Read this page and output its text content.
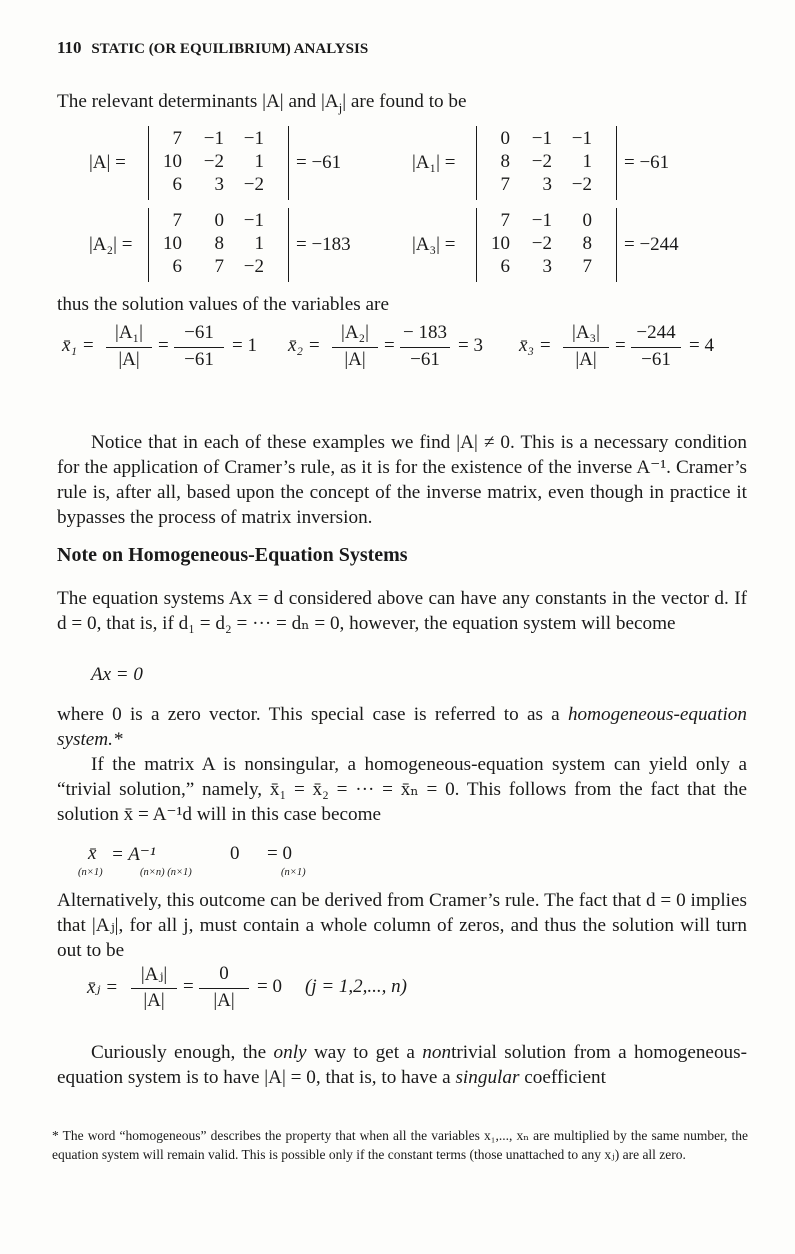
110 STATIC (OR EQUILIBRIUM) ANALYSIS
The relevant determinants |A| and $|A_j|$ are found to be
|A| =
7	−1	−1
10	−2	1
6	3	−2
= −61	|A₁| =
0	−1	−1
8	−2	1
7	3	−2
= −61
|A₂| =
7	0	−1
10	8	1
6	7	−2
= −183	|A₃| =
7	−1	0
10	−2	8
6	3	7
= −244
thus the solution values of the variables are
x̄₁ =
|A₁|
|A|
=
−61
−61
= 1 x̄₂ =
|A₂|
|A|
=
− 183
−61
= 3 x̄₃ =
|A₃|
|A|
=
−244
−61
= 4
Notice that in each of these examples we find |A| ≠ 0. This is a necessary condition for the application of Cramer’s rule, as it is for the existence of the inverse A⁻¹. Cramer’s rule is, after all, based upon the concept of the inverse matrix, even though in practice it bypasses the process of matrix inversion.
Note on Homogeneous-Equation Systems
The equation systems Ax = d considered above can have any constants in the vector d. If d = 0, that is, if d₁ = d₂ = ··· = dₙ = 0, however, the equation system will become
Ax = 0
where 0 is a zero vector. This special case is referred to as a homogeneous-equation system.*
If the matrix A is nonsingular, a homogeneous-equation system can yield only a “trivial solution,” namely, x̄₁ = x̄₂ = ··· = x̄ₙ = 0. This follows from the fact that the solution x̄ = A⁻¹d will in this case become
x̄ = A⁻¹	0 = 0
(n×1)	(n×n) (n×1)	(n×1)
Alternatively, this outcome can be derived from Cramer’s rule. The fact that d = 0 implies that |Aⱼ|, for all j, must contain a whole column of zeros, and thus the solution will turn out to be
x̄ⱼ =
|Aⱼ|
|A|
=
0
|A|
= 0 (j = 1,2,..., n)
Curiously enough, the only way to get a nontrivial solution from a homogeneous-equation system is to have |A| = 0, that is, to have a singular coefficient
* The word “homogeneous” describes the property that when all the variables x₁,..., xₙ are multiplied by the same number, the equation system will remain valid. This is possible only if the constant terms (those unattached to any xⱼ) are all zero.
